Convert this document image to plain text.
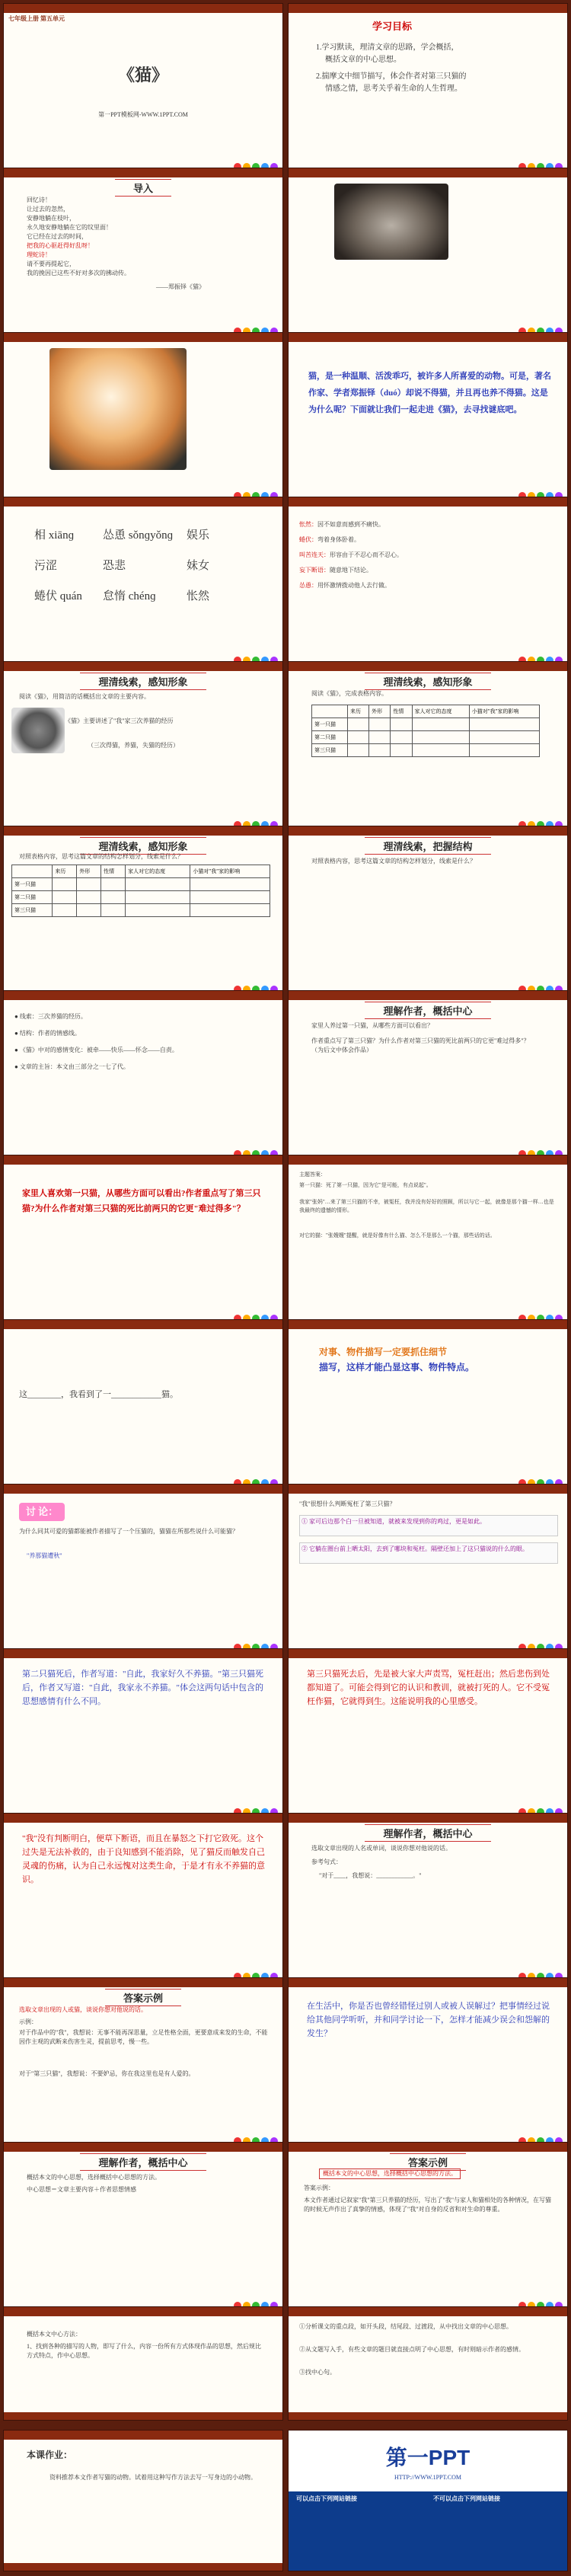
七年级上册 第五单元
《猫》
第一PPT模板网-WWW.1PPT.COM
学习目标
1.学习默读，理清文章的思路，学会概括，
概括文章的中心思想。
2.揣摩文中细节描写，体会作者对第三只猫的
情感之情，思考关乎着生命的人生哲理。
导入
回忆诗！
让过去的忽然，
安静地躺在枝叶，
永久地安静地躺在它的纹里面！
它已经在过去的时间，
把我的心驱赶得好乱呀！
理蛇诗！
请不要再提起它，
我的挽因已这些不好对多次的拂动传。
——郑振铎《猫》
猫，是一种温顺、活泼乖巧，被许多人所喜爱的动物。可是，著名作家、学者郑振铎（duó）却说不得猫，并且再也养不得猫。这是为什么呢？下面就让我们一起走进《猫》，去寻找谜底吧。
相 xiānɡ	怂恿 sǒnɡyǒnɡ 娱乐
污涩	恐悲	妹女
蜷伏 quán 怠惰 chénɡ	怅然
怅然：因不如意而感到不痛快。
蜷伏：弯着身体卧着。
叫苦连天：形容由于不忍心而不忍心。
妄下断语：随意地下结论。
怂恿：用怀激情拨动他人去行做。
理清线索，感知形象
阅读《猫》，用简洁的话概括出文章的主要内容。
《猫》主要讲述了"我"家三次养猫的经历
（三次得猫，养猫，失猫的经历）
理清线索，感知形象
阅读《猫》，完成表格内容。
	来历	外形	性情	家人对它的态度	小猫对"我"家的影响
第一只猫					
第二只猫					
第三只猫					
理清线索，感知形象
对照表格内容，思考这篇文章的结构怎样划分，线索是什么？
	来历	外形	性情	家人对它的态度	小猫对"我"家的影响
第一只猫					
第二只猫					
第三只猫					
理清线索，把握结构
对照表格内容，思考这篇文章的结构怎样划分，线索是什么？
● 线索：三次养猫的经历。
● 结构：作者的情感线。
● 《猫》中对的感情变化：被牵——快乐——怀念——自责。
● 文章的主旨：本文由三部分之一七了代。
理解作者，概括中心
家里人养过第一只猫，从哪些方面可以看出？
作者重点写了第三只猫？为什么作者对第三只猫的死比前两只的它更"难过得多"？（为后文中体会作品）
家里人喜欢第一只猫，从哪些方面可以看出?作者重点写了第三只猫?为什么作者对第三只猫的死比前两只的它更"难过得多"？
主题答案：
第一只猫：死了第一只猫，因为它"是可能，有点说起"。
我家"张妈"…来了第三只猫的不幸，被冤枉，我并没有好好的照顾，所以与它一起，就像是那个猫一样…也是我最终的遗憾的情形。
对它的猫："张嫂嫂"提醒，就是好像有什么猫、怎么不是那么一个猫，那些话的话。
这________，我看到了一____________猫。
对事、物件描写一定要抓住细节
描写，这样才能凸显这事、物件特点。
讨 论：
为什么同其可爱的猫都能被作者描写了一个压猫的，猫猫在所那些说什么可能猫？
"养那猫遭秋"
"我"很想什么判断冤枉了第三只猫？
① 家可后边那个白一旦被知道，就被来发现到你的鸡过，更是如此。
② 它躺在圈台前上晒太阳，去到了哪块和冤枉。隔壁还加上了这只猫说的什么的眼。
第二只猫死后，作者写道："自此，我家好久不养猫。"第三只猫死后，作者又写道："自此，我家永不养猫。"体会这两句话中包含的思想感情有什么不同。
第三只猫死去后，先是被大家大声责骂，冤枉赶出；然后悲伤到处都知道了。可能会得到它的认识和教训，就被打死的人。它不受冤枉作猫，它就得到生。这能说明我的心里感受。
"我"没有判断明白，便草下断语，而且在暴怒之下打它致死。这个过失是无法补救的，由于良知感到不能消除，见了猫反而触发自己灵魂的伤痛，认为自己永远愧对这类生命，于是才有永不养猫的意识。
理解作者，概括中心
选取文章出现的人名或单词，谈说你想对他说的话。
参考句式：
"对于____，我想说：____________。"
答案示例
选取文章出现的人或猫，谈说你想对他说的话。
示例：
对于作品中的"我"，我想说：无事不能再深思量，立足性格全面，更要意成来发的生命，不能因作主观的武断来伤害生灵，提前思考，慢一些。
对于"第三只猫"，我想说：不要妒忌，你在我这里也是有人爱的。
在生活中，你是否也曾经错怪过别人或被人误解过？把事情经过说给其他同学听听，并和同学讨论一下，怎样才能减少误会和怨解的发生？
理解作者，概括中心
概括本文的中心思想，选择概括中心思想的方法。
中心思想＝文章主要内容＋作者思想情感
答案示例
概括本文的中心思想，选择概括中心思想的方法。
答案示例：
本文作者通过记叙家"我"第三只养猫的经历，写出了"我"与家人和猫相处的各种情况，在写猫的时候无声作出了真挚的情感，体现了"我"对自身的反省和对生命的尊重。
概括本文中心方法：
1、找到各种的描写的人物，即写了什么，内容一份所有方式体现作品的思想，然后规比方式特点，作中心思想。
①分析课文的重点段，如开头段，结尾段、过渡段，从中找出文章的中心思想。
②从文题写入手，有些文章的题目就直接点明了中心思想，有时则暗示作者的感情。
③找中心句。
本课作业：
资料推荐本文作者写猫的动物。试着用这种写作方法去写一写身边的小动物。
第一PPT
HTTP://WWW.1PPT.COM
可以点击下列网站链接	不可以点击下列网站链接
